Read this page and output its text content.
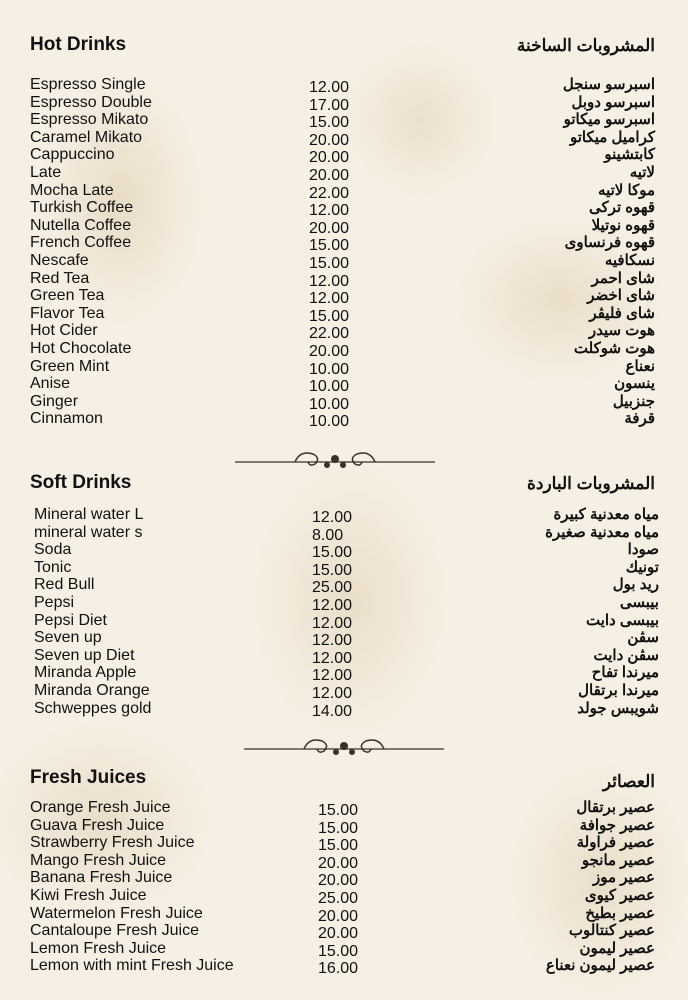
Hot Drinks	المشروبات الساخنة
Espresso Single	12.00	اسبرسو سنجل
Espresso Double	17.00	اسبرسو دوبل
Espresso Mikato	15.00	اسبرسو ميكاتو
Caramel Mikato	20.00	كراميل ميكاتو
Cappuccino	20.00	كابتشينو
Late	20.00	لاتيه
Mocha Late	22.00	موكا لاتيه
Turkish Coffee	12.00	قهوه تركى
Nutella Coffee	20.00	قهوه نوتيلا
French Coffee	15.00	قهوه فرنساوى
Nescafe	15.00	نسكافيه
Red Tea	12.00	شاى احمر
Green Tea	12.00	شاى اخضر
Flavor Tea	15.00	شاى فليڤر
Hot Cider	22.00	هوت سيدر
Hot Chocolate	20.00	هوت شوكلت
Green Mint	10.00	نعناع
Anise	10.00	ينسون
Ginger	10.00	جنزبيل
Cinnamon	10.00	قرفة
Soft Drinks	المشروبات الباردة
Mineral water L	12.00	مياه معدنية كبيرة
mineral water s	8.00	مياه معدنية صغيرة
Soda	15.00	صودا
Tonic	15.00	تونيك
Red Bull	25.00	ريد بول
Pepsi	12.00	بيبسى
Pepsi Diet	12.00	بيبسى دايت
Seven up	12.00	سڤن
Seven up Diet	12.00	سڤن دايت
Miranda Apple	12.00	ميرندا تفاح
Miranda Orange	12.00	ميرندا برتقال
Schweppes gold	14.00	شويبس جولد
Fresh Juices	العصائر
Orange Fresh Juice	15.00	عصير برتقال
Guava Fresh Juice	15.00	عصير جوافة
Strawberry Fresh Juice	15.00	عصير فراولة
Mango Fresh Juice	20.00	عصير مانجو
Banana Fresh Juice	20.00	عصير موز
Kiwi Fresh Juice	25.00	عصير كيوى
Watermelon Fresh Juice	20.00	عصير بطيخ
Cantaloupe Fresh Juice	20.00	عصير كنتالوب
Lemon Fresh Juice	15.00	عصير ليمون
Lemon with mint Fresh Juice	16.00	عصير ليمون نعناع
